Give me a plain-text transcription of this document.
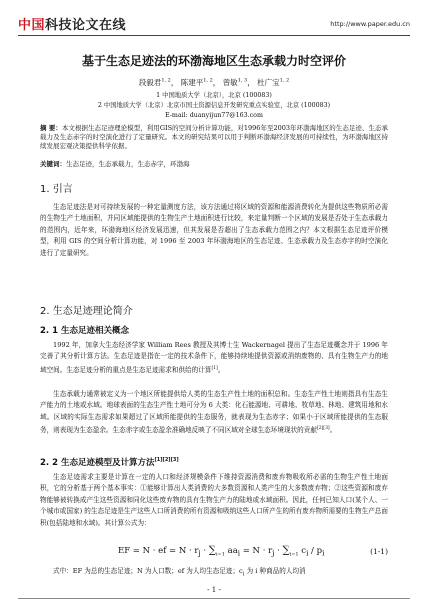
中国科技论文在线	http://www.paper.edu.cn
基于生态足迹法的环渤海地区生态承载力时空评价
段毅君$^{1, 2}$， 陈建平$^{1, 2}$， 曾敏$^{1, 3}$， 杜广宝$^{1, 2}$
1 中国地质大学（北京），北京 (100083)
2 中国地质大学（北京）北京市国土资源信息开发研究重点实验室，北京 (100083)
E-mail: duanyijun77@163.com
摘 要：本文根据生态足迹理论模型，利用GIS的空间分析计算功能，对1996年至2003年环渤海地区的生态足迹、生态承载力及生态赤字的时空演化进行了定量研究。本文的研究结果可以用于判断环渤海经济发展的可持续性，为环渤海地区持续发展宏观决策提供科学依据。
关键词：生态足迹，生态承载力，生态赤字，环渤海
1. 引言
生态足迹法是对可持续发展的一种定量测度方法，该方法通过将区域的资源和能源消费转化为提供这些物质所必需的生物生产土地面积，并同区域能提供的生物生产土地面积进行比较，来定量判断一个区域的发展是否处于生态承载力的范围内，近年来，环渤海地区经济发展迅速，但其发展是否超出了生态承载力范围之内？本文根据生态足迹评价模型，利用 GIS 的空间分析计算功能，对 1996 至 2003 年环渤海地区的生态足迹、生态承载力及生态赤字的时空演化进行了定量研究。
2. 生态足迹理论简介
2. 1 生态足迹相关概念
1992 年，加拿大生态经济学家 William Rees 教授及其博士生 Wackernagel 提出了生态足迹概念并于 1996 年完善了其分析计算方法。生态足迹是指在一定的技术条件下，能够持续地提供资源或消纳废物的、具有生物生产力的地域空间。生态足迹分析的重点是生态足迹需求和供给的计算[1]。
生态承载力通常被定义为一个地区所能提供给人类的生态生产性土地的面积总和。生态生产性土地则指具有生态生产能力的土地或水域。地球表面的生态生产性土地可分为 6 大类：化石能源地、可耕地、牧草地、林地、建筑用地和水域。区域的实际生态需求如果超过了区域所能提供的生态服务，就表现为生态赤字；如果小于区域所能提供的生态服务，则表现为生态盈余。生态赤字或生态盈余准确地反映了不同区域对全球生态环境现状的贡献[2][3]。
2. 2 生态足迹模型及计算方法[1][2][3]
生态足迹需求主要是计算在一定的人口和经济规模条件下维持资源消费和废弃物吸收所必需的生物生产性土地面积，它的分析基于两个基本事实：①能够计算出人类消费的大多数资源和人类产生的大多数废弃物；②这些资源和废弃物能够被转换成产生这些资源和同化这些废弃物的具有生物生产力的陆地或水域面积。因此，任何已知人口(某个人、一个城市或国家) 的生态足迹是生产这些人口所消费的所有资源和吸纳这些人口所产生的所有废弃物所需要的生物生产总面积(包括陆地和水域)。其计算公式为：
EF = N · ef = $N \cdot r_j \cdot \sum_{i=1}$ $aa_i = N \cdot r_j \cdot \sum_{i=1}$ $c_i / p_i$	(1-1)
式中：EF 为总的生态足迹；N 为人口数；ef 为人均生态足迹；$c_i$ 为 i 种商品的人均消
- 1 -
